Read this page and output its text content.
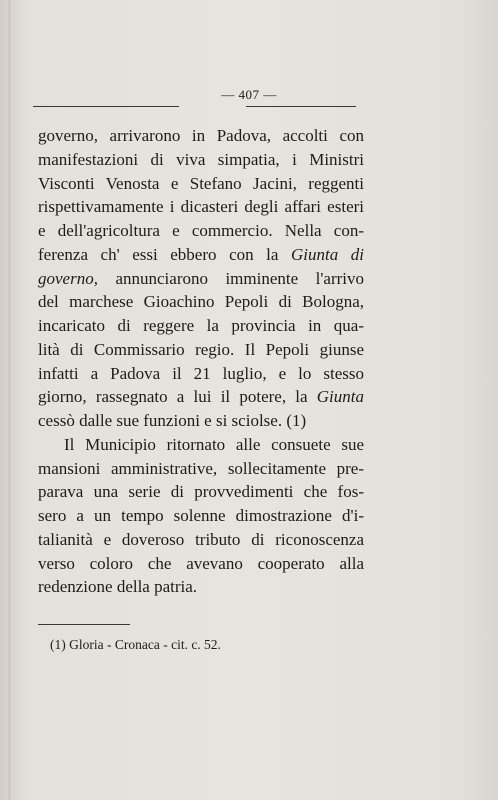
— 407 —
governo, arrivarono in Padova, accolti con
manifestazioni di viva simpatia, i Ministri
Visconti Venosta e Stefano Jacini, reggenti
rispettivamamente i dicasteri degli affari esteri
e dell'agricoltura e commercio. Nella con-
ferenza ch' essi ebbero con la Giunta di
governo, annunciarono imminente l'arrivo
del marchese Gioachino Pepoli di Bologna,
incaricato di reggere la provincia in qua-
lità di Commissario regio. Il Pepoli giunse
infatti a Padova il 21 luglio, e lo stesso
giorno, rassegnato a lui il potere, la Giunta
cessò dalle sue funzioni e si sciolse. (1)
Il Municipio ritornato alle consuete sue
mansioni amministrative, sollecitamente pre-
parava una serie di provvedimenti che fos-
sero a un tempo solenne dimostrazione d'i-
talianità e doveroso tributo di riconoscenza
verso coloro che avevano cooperato alla
redenzione della patria.
(1) Gloria - Cronaca - cit. c. 52.
